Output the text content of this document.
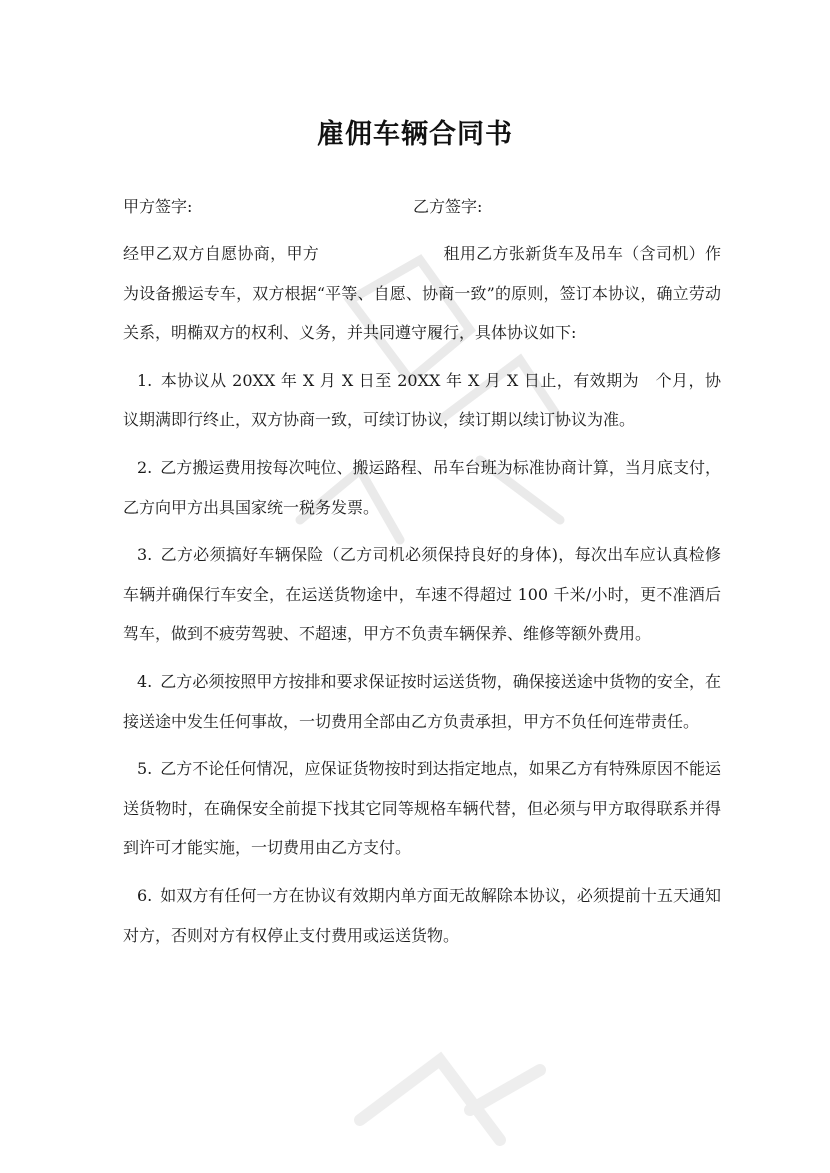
雇佣车辆合同书
甲方签字:	乙方签字:

经甲乙双方自愿协商，甲方	租用乙方张新货车及吊车（含司机）作为设备搬运专车，双方根据“平等、自愿、协商一致”的原则，签订本协议，确立劳动关系，明椭双方的权利、义务，并共同遵守履行，具体协议如下:

1. 本协议从 20XX 年 X 月 X 日至 20XX 年 X 月 X 日止，有效期为　个月，协议期满即行终止，双方协商一致，可续订协议，续订期以续订协议为准。

2. 乙方搬运费用按每次吨位、搬运路程、吊车台班为标准协商计算，当月底支付，乙方向甲方出具国家统一税务发票。

3. 乙方必须搞好车辆保险（乙方司机必须保持良好的身体)，每次出车应认真检修车辆并确保行车安全，在运送货物途中，车速不得超过 100 千米/小时，更不准酒后驾车，做到不疲劳驾驶、不超速，甲方不负责车辆保养、维修等额外费用。

4. 乙方必须按照甲方按排和要求保证按时运送货物，确保接送途中货物的安全，在接送途中发生任何事故，一切费用全部由乙方负责承担，甲方不负任何连带责任。

5. 乙方不论任何情况，应保证货物按时到达指定地点，如果乙方有特殊原因不能运送货物时，在确保安全前提下找其它同等规格车辆代替，但必须与甲方取得联系并得到许可才能实施，一切费用由乙方支付。

6. 如双方有任何一方在协议有效期内单方面无故解除本协议，必须提前十五天通知对方，否则对方有权停止支付费用或运送货物。
